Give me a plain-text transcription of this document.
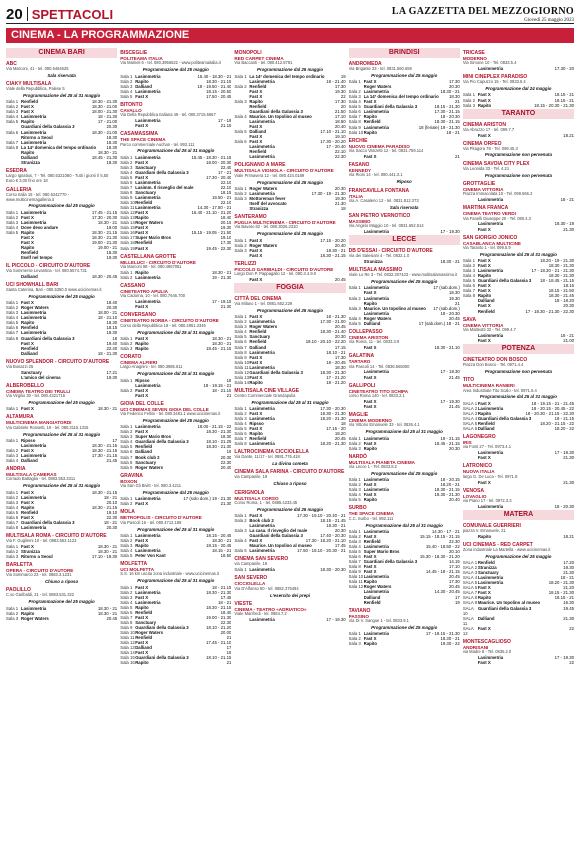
20 SPETTACOLI	LA GAZZETTA DEL MEZZOGIORNO
Giovedì 25 maggio 2023
CINEMA - LA PROGRAMMAZIONE
CINEMA BARI
ABC
Via Marconi, 41 - tel. 080.5464625
Sala riservata
CIAKY MULTISALA
Viale della Repubblica, Palese 5
Programmazione del 25 al 31 maggio
Sala 1 Renfield	18.30 - 21.30
Sala 2 Fast X	18.30 - 21.00
Sala 3 Fast X	18.00 - 21.30
Sala 4 Lasimmetria	18 - 21.30
Sala 5 Rapito	17 - 21.00
Guardiani della Galassia 3	20.30
Sala 6 Lasimmetria	18.30 - 21.00
Ritorno a Seoul	18.30
Sala 7 Lasimmetria	18.30
Sala 8 La 14ª domenica del tempo ordinario	18.30
Rapito	18.30 - 21
Dalliand	18.45 - 21.30
Stranizza	19.30
ESEDRA
Largo Ignatius, 7 - Tel. 080.5321080 - Tutti i giorni Il 5,50 Euro € 3,00 fino ore 18
GALLERIA
Corso Italia 15 - tel. 080.5242770 - www.multicinemagalleria.it
Programmazione dal 25 maggio
Sala 1 Lasimmetria	17.45 - 21.15
Sala 2 Fast X	17.30 - 20.30
Sala 3 Lasimmetria	18.30 - 21
Sala 4 Dove devo andare	19.00
Sala 5 Rapito	18.30 - 21.15
Fast X	18.30 - 21.30
Fast X	19.00 - 21.30
Rapito	19.00 - 21
Renfield	18.30
Itself nel tempo	19.30
IL PICCOLO - CIRCUITO D'AUTORE
Via Sommerse Levantina - tel. 080.5574.731
Dalliand	18.30 - 20.45
UCI SHOWHALL BARI
Santa Caterina, Bari - 080.5350.0 www.ucicinemas.it
Programmazione del 25 maggio
Sala 1 Fast X	18.40
Sala 2 Roger Waters	20.30
Sala 3 Lasimmetria	18.00 - 21
Sala 4 Lasimmetria	18 - 21.10
Sala 5 Rapito	18.30
Sala 6 Renfield	18.15
Sala 7 Lasimmetria	19.30
Sala 8 Guardiani della Galassia 3	18
Fast X	19.40
Renfield	22.40
Dalliand	18 - 21.30
NUOVO SPLENDOR - CIRCUITO D'AUTORE
Via Bonazzi 25
Sanctuary	17.21
L'amico del cinema	19.30
ALBEROBELLO
CINEMA TEATRO DEI TRULLI
Via Virgilio 30 - tel. 080.4321715
Programmazione del 25 maggio
Sala 1 Fast X	18.30 - 21
ALTAMURA
MULTICINEMA MANGIATORDI
Via Gabriele Rossetti, 19 - tel. 080.3115.1315
Programmazione del 25 al 31 maggio
Sala 1 Ripsso	17
Lasimmetria	18.30 - 21.15
Sala 2 Fast X	18.30 - 21.15
Sala 3 Lasimmetria	17.30 - 21.15
Sala 4 Dalliand	21.45
ANDRIA
MULTISALA CAMERAS
Corrado Battaglia - tel. 0883.553.3311
Programmazione del 25 al 31 maggio
Sala 1 Fast X	18.30 - 21.15
Sala 2 Lasimmetria	18 - 21
Sala 3 Fast X	20.10
Sala 4 Rapito	18.30 - 21.15
Sala 5 Renfield	19.10
Sala 6 Fast X	22.30
Sala 7 Guardiani della Galassia 3	18 - 21
Sala 8 Lasimmetria	20.30
MULTISALA ROMA - CIRCUITO D'AUTORE
Via F. Gugliemi 10 - tel. 0883.553.1123
Sala 1 Fast X	18.30 - 21
Sala 2 Stranizza	18.30 - 21
Sala 3 Ritorno a Seoul	17.10 - 19.30
BARLETTA
OPERA - CIRCUITO D'AUTORE
Via Sommarco 23 - tel. 0883.3.1231
Chiuso a riposo
PAOLILLO
C.so Garibaldi, 21 - tel. 0883.531.322
Programmazione del 25 maggio
Sala 1 Lasimmetria	18.30 - 21
Sala 2 Rapito	18.30 - 21
Sala 3 Roger Waters	20.45
BISCEGLIE
POLITEAMA ITALIA
Via Mameli 6 - tel. 080.3956622 - www.politeamaitalia.it
Programmazione dal 25 maggio
Sala 1 Lasimmetria	15.40 - 18.30 - 21
Sala 2 Rapito	18.30 - 21.15
Sala 3 Dalliand	18 - 19.50 - 21.40
Sala 4 Lasimmetria	18.15 - 20.50
Sala 5 Fast X	17.50 - 20.45
BITONTO
CAVALLO
Via Della Repubblica Italiana 49 - tel. 080.3715.5667
Lasimmetria	17 - 19
Fast X	21.15
CASAMASSIMA
THE SPACE CINEMA
Parco commerciale Auchan - tel. 892.111
Programmazione dal 25 al 31 maggio
Sala 1 Lasimmetria	15.45 - 18.30 - 21.15
Sala 2 Fast X	18.00 - 20.30
Sala 3 Sanctuary	22.40
Sala 4 Guardiani della Galassia 3	17 - 21
Sala 5 Fast X	17.30 - 20.40
Sala 6 Lasimmetria	22.10
Sala 7 Lasimm. Il risveglio del male	22.10
Sala 8 Sanctuary	18.15
Sala 9 Lasimmetria	19.50 - 21
Sala 10 Renfield	22.10
Sala 11 Lasimmetria	14.30 - 17.50 - 21
Sala 12 Fast X	16.40 - 21.10 - 21.20
Sala 13 Rapito	18.40
Sala 14 Roger Waters	20.15
Sala 15 Fast X	19.30
Sala 16 Fast X	15.15 - 19.05 - 21.50
Sala 17 Super Mario Bros	19.10
Sala 18 Renfield	17.30
Sala 19 Fast X	19.45 - 22.30
CASTELLANA GROTTE
MILLELUCI - CIRCUITO D'AUTORE
Via Marconi 98 - tel. 080.4967051
Sala 1 Rapito	18.30 - 21
Sala 2 Lasimmetria	19 - 21.30
CASSANO
CINETEATRO APULIA
Via Cadorna, 10 - tel. 080.7646.700
Lasimmetria	17 - 19.15
Fast X	21.30
CONVERSANO
CINETEATRO NORBA - CIRCUITO D'AUTORE
Corso della Repubblica 18 - tel. 080.4951.3345
Programmazione dal 25 al 31 maggio
Sala 1 Fast X	18.30 - 21
Sala 2 Rapito	18.30 - 21
Sala 3 Rapito	18.45 - 21.15
CORATO
CINEMA ALFIERI
Largo Anagnini - tel. 080.3985.511
Programmazione dal 25 al 31 maggio
Sala 1 Ripsso	18
Lasimmetria	18 - 19.15 - 21
Sala 2 Fast X	18 - 21.15
Fast X	21
GIOIA DEL COLLE
UCI CINEMAS SEVEN GIOIA DEL COLLE
Via Federico Fellini - tel. 080.3481.1 www.ucicinemas.it
Programmazione del 25 maggio
Sala 1 Lasimmetria	18.00 - 21.15 - 22
Sala 2 Fast X	18.30 - 21.30
Sala 3 Super Mario Bros	18.30
Sala 4 Guardiani della Galassia 3	18.10 - 21.25
Sala 5 Renfield	18.30 - 21.30
Sala 6 Dalliand	19
Sala 7 Book club 2	20.30
Sala 8 Sanctuary	22.30
Sala 9 Roger Waters	20.40
GRAVINA
BOXON
Via San Gli Bivitt - tel. 080.3.4211
Programmazione dal 25 maggio
Sala 1 Lasimmetria	17 (solo dom.) 19 - 21.30
Sala 2 Fast X	21.30
MOLA
METROPOLIS - CIRCUITO D'AUTORE
Via Pascoli 16 - tel. 080.4712.188
Programmazione del 25 al 31 maggio
Sala 1 Lasimmetria	18.15 - 20.45
Sala 2 Fast X	18.30 - 21
Sala 3 Rapito	18.15 - 20.45
Sala 4 Lasimmetria	18.15 - 21
Sala 5 Peter Von Kant	18.50
MOLFETTA
UCI MOLFETTA
S.S. 16 km uscita zona industriale - www.ucicinemas.it
Programmazione dal 25 al 31 maggio
Sala 1 Fast X	18 - 21.15
Sala 2 Lasimmetria	18.30 - 21.30
Sala 3 Fast X	17.45
Sala 4 Lasimmetria	18 - 21
Sala 5 Rapito	18.30 - 21.15
Sala 6 Renfield	18.40
Sala 7 Fast X	19.00 - 21.30
Sala 8 Sanctuary	22.30
Sala 9 Guardiani della Galassia 3	18.10 - 21.20
Sala 10 Roger Waters	20.00
Sala 11 Renfield	21
Sala 12 Fast X	17.45 - 21.10
Sala 13 Dalliand	17
Sala 14 Fast X	19
Sala 15 Guardiani della Galassia 3	18.10 - 21.15
Sala 16 Rapito	21
MONOPOLI
RED CARPET CINEMA
Via Baccanti - tel. 080.412.8791
Programmazione dal 25 maggio
Sala 1 La 14ª domenica del tempo ordinario	19
Lasimmetria	18 - 21.40
Sala 2 Renfield	17.30
Fast X	19.30
Fast X	22
Sala 3 Rapito	17.30
Renfield	20
Guardiani della Galassia 3	21.50
Sala 4 Maurice. Un topolino al museo	17.10
Lasimmetria	18.50
Fast X	20.40
Sala 5 Dalliand	17.10 - 21.10
Fast X	19.10
Sala 6 Fast X	17.30 - 20.20
Lasimmetria	17 - 20.40
Renfield	22.10
Lasimmetria	22.30
POLIGNANO A MARE
MULTISALA VIGNOLA - CIRCUITO D'AUTORE
Viale Primavera 12 - tel. 080.424.0189
Programmazione dal 25 maggio
Sala 1 Roger Waters	20.30
Sala 2 Lasimmetria	17.30 - 19 - 21.30
Sala 3 Mottoreman fever	19.30
Itself del avvocato	21.30
Stranizza	18
SANTERAMO
PUGLIA MULTICINEMA - CIRCUITO D'AUTORE
Via Bavaro 62 - tel. 080.3026.2310
Programmazione dal 25 maggio
Sala 1 Fast X	17.15 - 20.20
Sala 2 Roger Waters	20.40
Sala 3 Fast X	18.30 - 21
Fast X	18.30 - 21.15
TERLIZZI
PICCOLO GARIBALDI - CIRCUITO D'AUTORE
Largo Don P. Pappagallo 12 - tel. 080.3.4.9.0
Fast X	20.45
FOGGIA
CITTÀ DEL CINEMA
Via Milano 1 - tel. 0881.652.229
Programmazione del 25 maggio
Sala 1 Fast X	18 - 21.30
Sala 2 Lasimmetria	17.30 - 21.00
Sala 3 Roger Waters	20.45
Sala 4 Renfield	18.30 - 21.40
Sala 5 Sanctuary	20.30
Sala 6 Renfield	18.10 - 20.10 - 22.20
Sala 7 Dalliand	17.15
Sala 8 Lasimmetria	18.10 - 21
Sala 9 Fast X	17.30
Sala 10 Fast X	18 - 20.45
Sala 11 Lasimmetria	18.30
Sala 12 Guardiani della Galassia 3	18.30 - 21.30
Sala 13 Fast X	17 - 21.20
Sala 14 Rapito	18 - 21.20
MULTISALA CINE VILLAGE
Centro Commerciale Grandapulia
Programmazione dal 25 al 31 maggio
Sala 1 Lasimmetria	17.30 - 20.30
Sala 2 Fast X	18.30 - 21.30
Sala 3 Lasimmetria	18.20 - 21.30
Sala 4 Ripsso	18
Sala 5 Fast X	17.15 - 20
Sala 6 Rapito	18.20
Sala 7 Renfield	20.45
Sala 8 Lasimmetria	18.20 - 21.30
LALTROCINEMA CICCIOLELLA
Via Dante, 11/17 - tel. 0881.776.418
La divina cometa
CINEMA SALA FARINA - CIRCUITO D'AUTORE
via Campanile, 19
Chiuso a riposo
CERIGNOLA
MULTISALA CORSO
Corso Roma, 1 - tel. 0885.4233.45
Programmazione dal 25 maggio
Sala 1 Fast X	17.30 - 19.10 - 20.40 - 21
Sala 2 Book club 2	18.15 - 21.45
Lasimmetria	18.30 - 21
Sala 3 La casa. Il risveglio del male	20.30
Guardiani della Galassia 3	17.40 - 20.30
Sala 4 Fast X	17.30 - 18.20 - 21.10
Maurice. Un topolino al museo	17.45
Sala 5 Lasimmetria	17.50 - 18.10 - 20.30 - 21
CINEMA SAN SEVERO
via Campanile, 19
Sala 1 Lasimmetria	18.30 - 20.30
SAN SEVERO
CICCIOLELLA
Via D'Alfonso 50 - tel. 0882.375494
L'esercito dei prepi
VIESTE
CINEMA - TEATRO «ADRIATICO»
Viale Manfredi - tel. 0884.7.2
Lasimmetria	17 - 19.30
BRINDISI
ANDROMEDA
Via Brigante 23 - tel. 0831.560.659
Programmazione dal 25 maggio
Sala 1 Fast X	17.30
Roger Waters	20.30
Sala 2 Lasimmetria	18.30 - 21
Sala 3 La 14ª domenica del tempo ordinario	18.30
Sala 4 Fast X	21
Sala 5 Guardiani della Galassia 3	18.15 - 21.30
Sala 6 Lasimmetria	17.30 - 21.15
Sala 7 Rapito	18 - 20.30
Sala 8 Renfield	18.30 - 21.15
Sala 9 Lasimmetria	18 (feriale) 19 - 21.30
Sala 10 Rapito	18 - 21
ERCHIE
NUOVO CINEMA PARADISO
Via Sacco Vanzetti 12 - tel. 0831.759.114
Fast X	21
FASANO
KENNEDY
Via Rioni 14 - tel. 080.441.3.1
Riposo
FRANCAVILLA FONTANA
ITALIA
Via A. Casaleno 12 - tel. 0831.812.373
Sala riservata
SAN PIETRO VERNOTICO
MASSIMO
Via Angelo Maggio 10 - tel. 0831.652.514
Lasimmetria	17 - 19.30
LECCE
DB D'ESSAI - CIRCUITO D'AUTORE
Via dei Salesiani 4 - Tel. 0832.1.0
Stranizza	18.30 - 21
MULTISALA MASSIMO
Viale Lo Re 3 - Tel. 0832.307433 - www.multisalamassimo.it
Programmazione del 25 maggio
Sala 1 Lasimmetria	17 (sab.dom.)
Fast X	18.30
Sala 2 Lasimmetria	19.30
Rapito	21
Sala 3 Maurice. Un topolino al museo	17 (sab.dom.)
Lasimmetria	18 - 20.30
Sala 4 Roger Waters	20.45
Sala 5 Dalliand	17 (sab.dom.) 18 - 21
COLLEPASSO
CINEMA ARISTON
Via Roma, 11 - tel. 0833.3.9
Fast X	18.30 - 21.10
GALATINA
TARTARO
Via Pascoli 14 - Tel. 0836.565000
Lasimmetria	17 - 18.30
Fast X	21.45
GALLIPOLI
CINETEATRO TITO SCHIPA
corso Roma 140 - tel. 0833.2.1
Fast X	17 - 19.30
Fast X	21.45
MAGLIE
CINEMA MODERNO
Via Vittorio Emanuele 33 - tel. 0836.4.1
Programmazione dal 25 al 31 maggio
Sala 1 Lasimmetria	19 - 21.15
Sala 2 Fast X	18.45 - 21.15
Sala 3 Rapito	20.30
NARDÒ
MULTISALA PIANETA CINEMA
Via Lecce 1 - Tel. 0833.8.2
Programmazione dal 25 maggio
Sala 1 Lasimmetria	18 - 20.15
Sala 2 Fast X	18.20 - 21
Sala 3 Lasimmetria	18.30 - 21.15
Sala 4 Fast X	19.30 - 21.30
Sala 5 Rapito	20.40
SURBO
THE SPACE CINEMA
C.C. Surbo - tel. 892.111
Programmazione dal 25 al 31 maggio
Sala 1 Lasimmetria	14.30 - 17 - 21
Sala 2 Fast X	15.15 - 18.15 - 21.15
Sala 3 Renfield	22.30
Sala 4 Lasimmetria	15.40 - 18.50 - 22
Sala 5 Super Mario Bros	20.10
Sala 6 Fast X	15.30 - 18.30 - 21.20
Sala 7 Guardiani della Galassia 3	14.15
Sala 8 Fast X	17.10
Sala 9 Fast X	14.45 - 18 - 21.15
Sala 10 Lasimmetria	20.45
Sala 11 Rapito	17.30
Sala 12 Roger Waters	20.45
Lasimmetria	14.30 - 20.45
Dalliand	17
Renfield	19
TAVIANO
PASSINO
Via Di V. Sangue 1 - tel. 0833.9.1
Programmazione del 25 maggio
Sala 1 Lasimmetria	17 - 19.15 - 21.30
Sala 2 Fast X	18.30 - 21
Sala 3 Rapito	19.30 - 22
TRICASE
MODERNO
Via Simone 10 - Tel. 0833.5.4
Lasimmetria	17.30 - 20
MINI CINEPLEX PARADISO
Via Pio Capuzzo 15 - Tel. 0833.5.4
Programmazione dal 24 maggio
Sala 1 Fast X	18.15 - 21
Sala 2 Fast X	18.15 - 21
Sala 3 Rapito	18.15 - 20.30 - 21.30
TARANTO
CINEMA ARISTON
Via Abruzzo 17 - tel. 099.7.7
Fast X	18.21
CINEMA ORFEO
Via Pitagora 78 - Tel. 099.45.3
Programmazione non pervenuta
CINEMA SAVOIA CITY PLEX
Via Leonida 33 - Tel. 4.21
Programmazione non pervenuta
GROTTAGLIE
CINEMA VITTORIA
Piazza Immacolata 10 - Tel. 099.566.2
Lasimmetria	18 - 21
MARTINA FRANCA
CINEMA TEATRO VERDI
Via Fanelli Giuseppe 20 - Tel. 080.4.3
Lasimmetria	18.30 - 19
Fast X	21.30
SAN GIORGIO JONICO
CASABLANCA MULTICINE
Via Taranto 1 - tel. 099.5.9
Programmazione dal 25 al 31 maggio
Sala 1 Fast X	18.20 - 19 - 21.30
Sala 2 Fast X	18.30 - 21.30
Sala 3 Lasimmetria	17 - 18.30 - 21 - 21.30
Sala 4 Rapito	18.30 - 21.30
Sala 5 Guardiani della Galassia 3	18 - 18.45 - 21.15
Sala 6 Fast X	18.15
Sala 7 Fast X	18.15 - 21.50
Sala 8 Rapito	18.30 - 21.45
Dalliand	18 - 18.20
Fast X	20.30
Renfield	17 - 18.30 - 21.30 - 22.30
SAVA
CINEMA VITTORIA
Via Matteotti 32 - Tel. 099.4.7
Lasimmetria	18 - 21
Fast X	21.00
POTENZA
CINETEATRO DON BOSCO
Piazza Don Bosco - Tel. 0971.4.4
Programmazione non pervenuta
TITO
MULTICINEMA RANIERI
Area Industriale Tito Scalo - tel. 0971.6.4
Programmazione dal 25 al 31 maggio
SALA 1 Fast X	18 - 19.15 - 21 - 21.45
SALA 2 Lasimmetria	18 - 20.15 - 20.45 - 22
SALA 3 Rapito	18 - 20.30 - 21.15 - 22.30
SALA 4 Guardiani della Galassia 3	18 - 21.15
SALA 5 Renfield	18.20 - 21.15 - 22
SALA 6 Dalliand	18.20 - 22
LAGONEGRO
IRIS
via Fonti 27 - Tel. 0973.4.1
Lasimmetria	17 - 19.30
Fast X	21.30
LATRONICO
NUOVA ITALIA
largo G. De Luca - Tel. 0971.8
Fast X	21.30
VENOSA
LOVAGLIO
via Piano 17 - tel. 0972.3.3
Lasimmetria	18 - 20.30
MATERA
COMUNALE GUERRIERI
piazza V. Emanuele, 21
Rapito	18.21
UCI CINEMAS - RED CARPET
Zona industriale La Martella - www.ucicinemas.it
Programmazione del 25 maggio
SALA 1 Renfield	17.20
SALA 2 Stranizza	19.30
SALA 3 Sanctuary	21.30
SALA 4 Lasimmetria	18 - 21
SALA 5 Lasimmetria	18.20 - 21.30
SALA 6 Fast X	21.20
SALA 7 Fast X	18.15 - 21.30
SALA 8 Rapito	18.15 - 21
SALA 9 Maurice. Un topolino al museo	16.30
SALA 10
Guardiani della Galassia 3	19.45
SALA 11
Dalliand	21.30
SALA 12
Fast X	22
MONTESCAGLIOSO
ANDRISANI
via Madre 8 - Tel. 0835.2.0
Lasimmetria	17 - 19.30
Fast X	22
